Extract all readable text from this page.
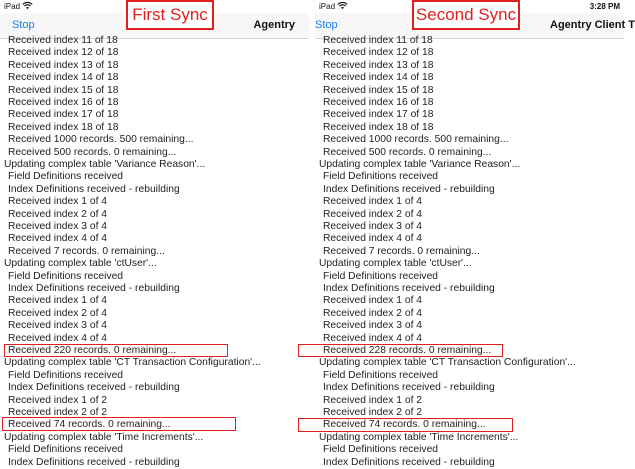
iPad
Stop	Agentry
Received index 11 of 18
Received index 12 of 18
Received index 13 of 18
Received index 14 of 18
Received index 15 of 18
Received index 16 of 18
Received index 17 of 18
Received index 18 of 18
Received 1000 records. 500 remaining...
Received 500 records. 0 remaining...
Updating complex table 'Variance Reason'...
Field Definitions received
Index Definitions received - rebuilding
Received index 1 of 4
Received index 2 of 4
Received index 3 of 4
Received index 4 of 4
Received 7 records. 0 remaining...
Updating complex table 'ctUser'...
Field Definitions received
Index Definitions received - rebuilding
Received index 1 of 4
Received index 2 of 4
Received index 3 of 4
Received index 4 of 4
Received 220 records. 0 remaining...
Updating complex table 'CT Transaction Configuration'...
Field Definitions received
Index Definitions received - rebuilding
Received index 1 of 2
Received index 2 of 2
Received 74 records. 0 remaining...
Updating complex table 'Time Increments'...
Field Definitions received
Index Definitions received - rebuilding
iPad	3:28 PM
Stop	Agentry Client T
Received index 11 of 18
Received index 12 of 18
Received index 13 of 18
Received index 14 of 18
Received index 15 of 18
Received index 16 of 18
Received index 17 of 18
Received index 18 of 18
Received 1000 records. 500 remaining...
Received 500 records. 0 remaining...
Updating complex table 'Variance Reason'...
Field Definitions received
Index Definitions received - rebuilding
Received index 1 of 4
Received index 2 of 4
Received index 3 of 4
Received index 4 of 4
Received 7 records. 0 remaining...
Updating complex table 'ctUser'...
Field Definitions received
Index Definitions received - rebuilding
Received index 1 of 4
Received index 2 of 4
Received index 3 of 4
Received index 4 of 4
Received 228 records. 0 remaining...
Updating complex table 'CT Transaction Configuration'...
Field Definitions received
Index Definitions received - rebuilding
Received index 1 of 2
Received index 2 of 2
Received 74 records. 0 remaining...
Updating complex table 'Time Increments'...
Field Definitions received
Index Definitions received - rebuilding
First Sync	Second Sync
